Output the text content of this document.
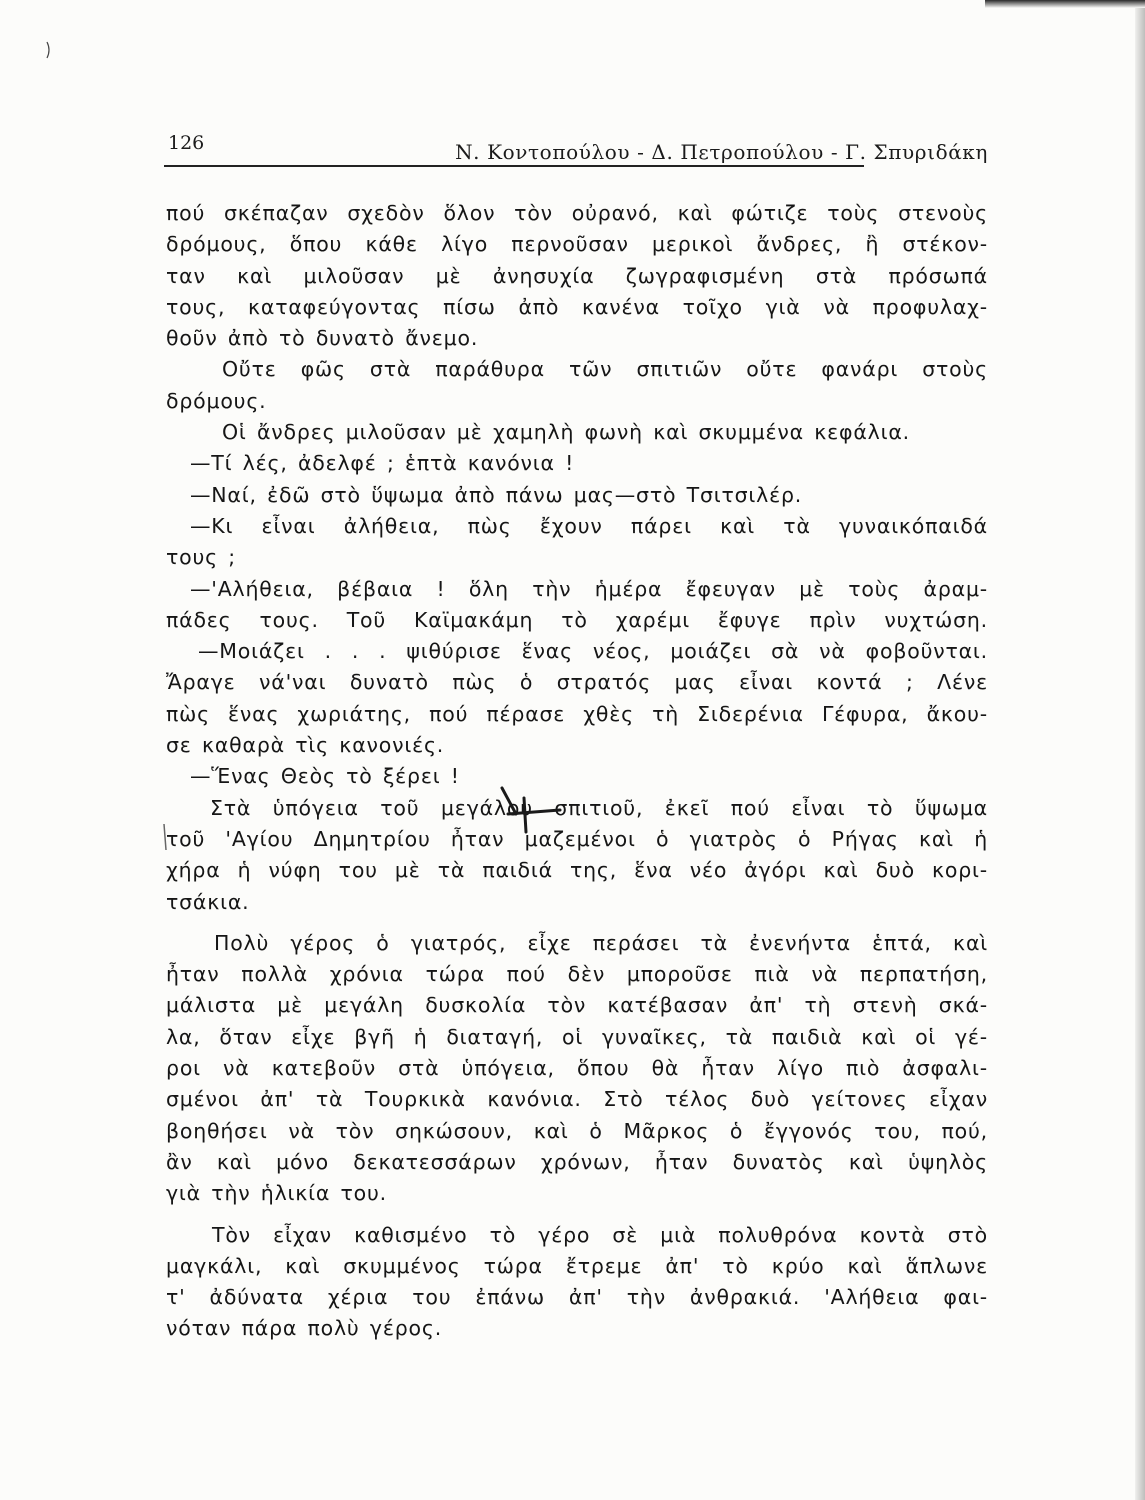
126	Ν. Κοντοπούλου - Δ. Πετροπούλου - Γ. Σπυριδάκη
πού σκέπαζαν σχεδὸν ὅλον τὸν οὐρανό, καὶ φώτιζε τοὺς στενοὺς
δρόμους, ὅπου κάθε λίγο περνοῦσαν μερικοὶ ἄνδρες, ἢ στέκον-
ταν καὶ μιλοῦσαν μὲ ἀνησυχία ζωγραφισμένη στὰ πρόσωπά
τους, καταφεύγοντας πίσω ἀπὸ κανένα τοῖχο γιὰ νὰ προφυλαχ-
θοῦν ἀπὸ τὸ δυνατὸ ἄνεμο.
Οὔτε φῶς στὰ παράθυρα τῶν σπιτιῶν οὔτε φανάρι στοὺς
δρόμους.
Οἱ ἄνδρες μιλοῦσαν μὲ χαμηλὴ φωνὴ καὶ σκυμμένα κεφάλια.
—Τί λές, ἀδελφέ ; ἑπτὰ κανόνια !
—Ναί, ἐδῶ στὸ ὕψωμα ἀπὸ πάνω μας—στὸ Τσιτσιλέρ.
—Κι εἶναι ἀλήθεια, πὼς ἔχουν πάρει καὶ τὰ γυναικόπαιδά
τους ;
—'Αλήθεια, βέβαια ! ὅλη τὴν ἡμέρα ἔφευγαν μὲ τοὺς ἀραμ-
πάδες τους. Τοῦ Καϊμακάμη τὸ χαρέμι ἔφυγε πρὶν νυχτώση.
—Μοιάζει . . . ψιθύρισε ἕνας νέος, μοιάζει σὰ νὰ φοβοῦνται.
Ἄραγε νά'ναι δυνατὸ πὼς ὁ στρατός μας εἶναι κοντά ; Λένε
πὼς ἕνας χωριάτης, πού πέρασε χθὲς τὴ Σιδερένια Γέφυρα, ἄκου-
σε καθαρὰ τὶς κανονιές.
—Ἕνας Θεὸς τὸ ξέρει !
Στὰ ὑπόγεια τοῦ μεγάλου σπιτιοῦ, ἐκεῖ πού εἶναι τὸ ὕψωμα
τοῦ 'Αγίου Δημητρίου ἦταν μαζεμένοι ὁ γιατρὸς ὁ Ρήγας καὶ ἡ
χήρα ἡ νύφη του μὲ τὰ παιδιά της, ἕνα νέο ἀγόρι καὶ δυὸ κορι-
τσάκια.
Πολὺ γέρος ὁ γιατρός, εἶχε περάσει τὰ ἐνενήντα ἑπτά, καὶ
ἦταν πολλὰ χρόνια τώρα πού δὲν μποροῦσε πιὰ νὰ περπατήση,
μάλιστα μὲ μεγάλη δυσκολία τὸν κατέβασαν ἀπ' τὴ στενὴ σκά-
λα, ὅταν εἶχε βγῆ ἡ διαταγή, οἱ γυναῖκες, τὰ παιδιὰ καὶ οἱ γέ-
ροι νὰ κατεβοῦν στὰ ὑπόγεια, ὅπου θὰ ἦταν λίγο πιὸ ἀσφαλι-
σμένοι ἀπ' τὰ Τουρκικὰ κανόνια. Στὸ τέλος δυὸ γείτονες εἶχαν
βοηθήσει νὰ τὸν σηκώσουν, καὶ ὁ Μᾶρκος ὁ ἔγγονός του, πού,
ἂν καὶ μόνο δεκατεσσάρων χρόνων, ἦταν δυνατὸς καὶ ὑψηλὸς
γιὰ τὴν ἡλικία του.
Τὸν εἶχαν καθισμένο τὸ γέρο σὲ μιὰ πολυθρόνα κοντὰ στὸ
μαγκάλι, καὶ σκυμμένος τώρα ἔτρεμε ἀπ' τὸ κρύο καὶ ἅπλωνε
τ' ἀδύνατα χέρια του ἐπάνω ἀπ' τὴν ἀνθρακιά. 'Αλήθεια φαι-
νόταν πάρα πολὺ γέρος.
